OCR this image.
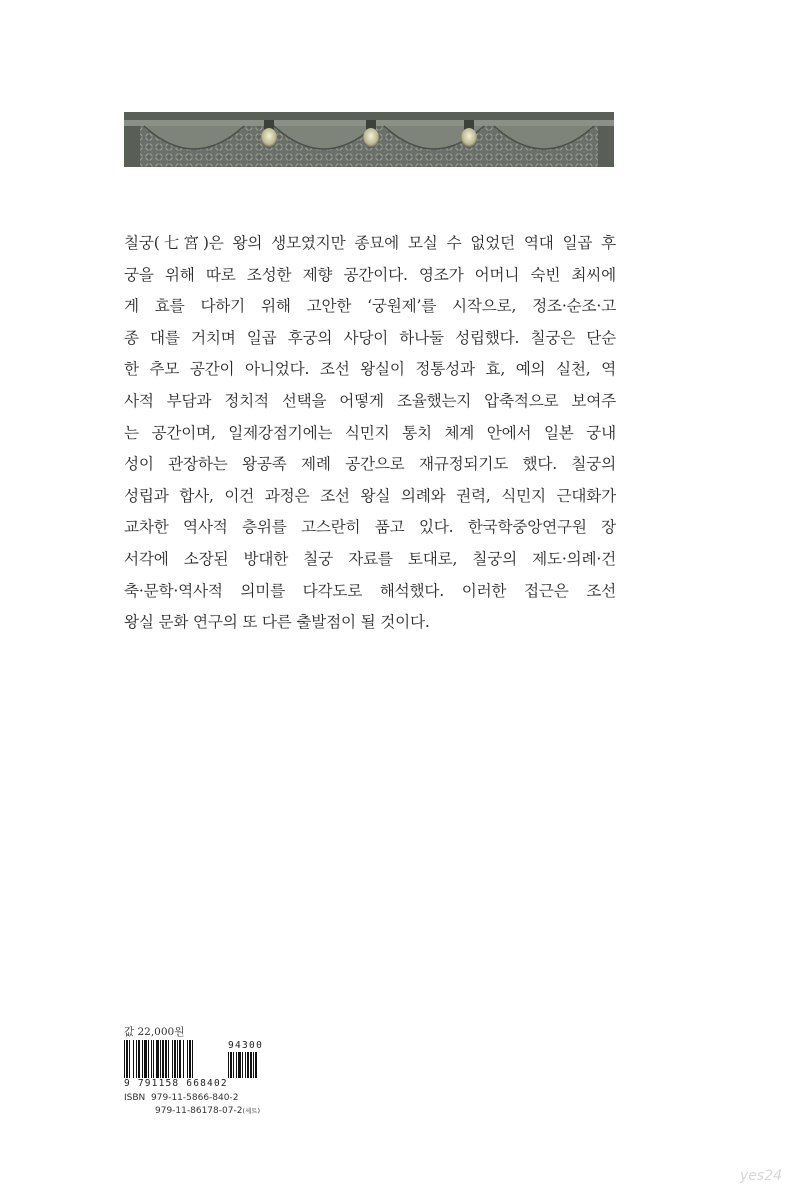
칠궁(七宮)은 왕의 생모였지만 종묘에 모실 수 없었던 역대 일곱 후
궁을 위해 따로 조성한 제향 공간이다. 영조가 어머니 숙빈 최씨에
게 효를 다하기 위해 고안한 ‘궁원제’를 시작으로, 정조·순조·고
종 대를 거치며 일곱 후궁의 사당이 하나둘 성립했다. 칠궁은 단순
한 추모 공간이 아니었다. 조선 왕실이 정통성과 효, 예의 실천, 역
사적 부담과 정치적 선택을 어떻게 조율했는지 압축적으로 보여주
는 공간이며, 일제강점기에는 식민지 통치 체계 안에서 일본 궁내
성이 관장하는 왕공족 제례 공간으로 재규정되기도 했다. 칠궁의
성립과 합사, 이건 과정은 조선 왕실 의례와 권력, 식민지 근대화가
교차한 역사적 층위를 고스란히 품고 있다. 한국학중앙연구원 장
서각에 소장된 방대한 칠궁 자료를 토대로, 칠궁의 제도·의례·건
축·문학·역사적 의미를 다각도로 해석했다. 이러한 접근은 조선
왕실 문화 연구의 또 다른 출발점이 될 것이다.
값 22,000원
9 791158 668402
94300
ISBN 979-11-5866-840-2
979-11-86178-07-2(세트)
yes24
